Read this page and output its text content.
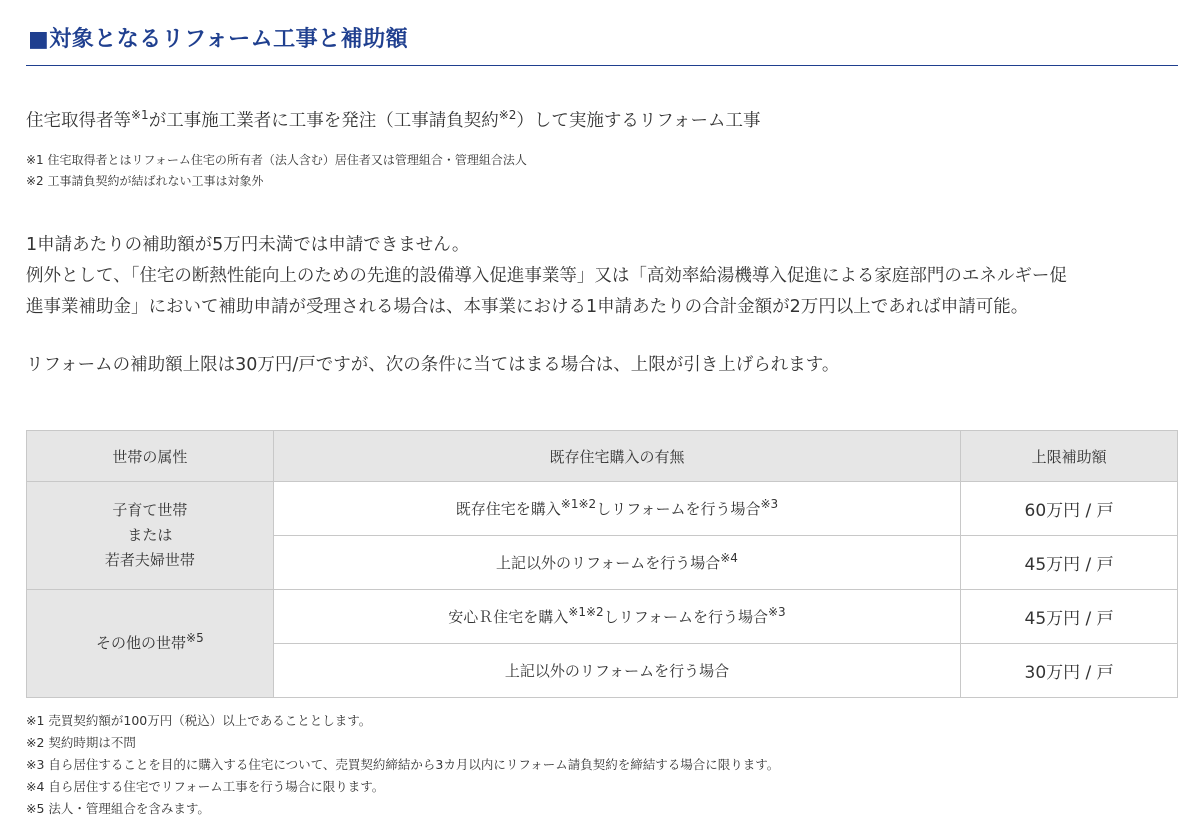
■対象となるリフォーム工事と補助額
住宅取得者等$^{※1}$が工事施工業者に工事を発注（工事請負契約$^{※2}$）して実施するリフォーム工事
※1 住宅取得者とはリフォーム住宅の所有者（法人含む）居住者又は管理組合・管理組合法人
※2 工事請負契約が結ばれない工事は対象外
1申請あたりの補助額が5万円未満では申請できません。
例外として、「住宅の断熱性能向上のための先進的設備導入促進事業等」又は「高効率給湯機導入促進による家庭部門のエネルギー促
進事業補助金」において補助申請が受理される場合は、本事業における1申請あたりの合計金額が2万円以上であれば申請可能。
リフォームの補助額上限は30万円/戸ですが、次の条件に当てはまる場合は、上限が引き上げられます。
世帯の属性	既存住宅購入の有無	上限補助額

子育て世帯
または
若者夫婦世帯	既存住宅を購入$^{※1※2}$しリフォームを行う場合$^{※3}$	60万円 / 戸
	上記以外のリフォームを行う場合$^{※4}$	45万円 / 戸
その他の世帯$^{※5}$	安心Ｒ住宅を購入$^{※1※2}$しリフォームを行う場合$^{※3}$	45万円 / 戸
	上記以外のリフォームを行う場合	30万円 / 戸
※1 売買契約額が100万円（税込）以上であることとします。
※2 契約時期は不問
※3 自ら居住することを目的に購入する住宅について、売買契約締結から3カ月以内にリフォーム請負契約を締結する場合に限ります。
※4 自ら居住する住宅でリフォーム工事を行う場合に限ります。
※5 法人・管理組合を含みます。
